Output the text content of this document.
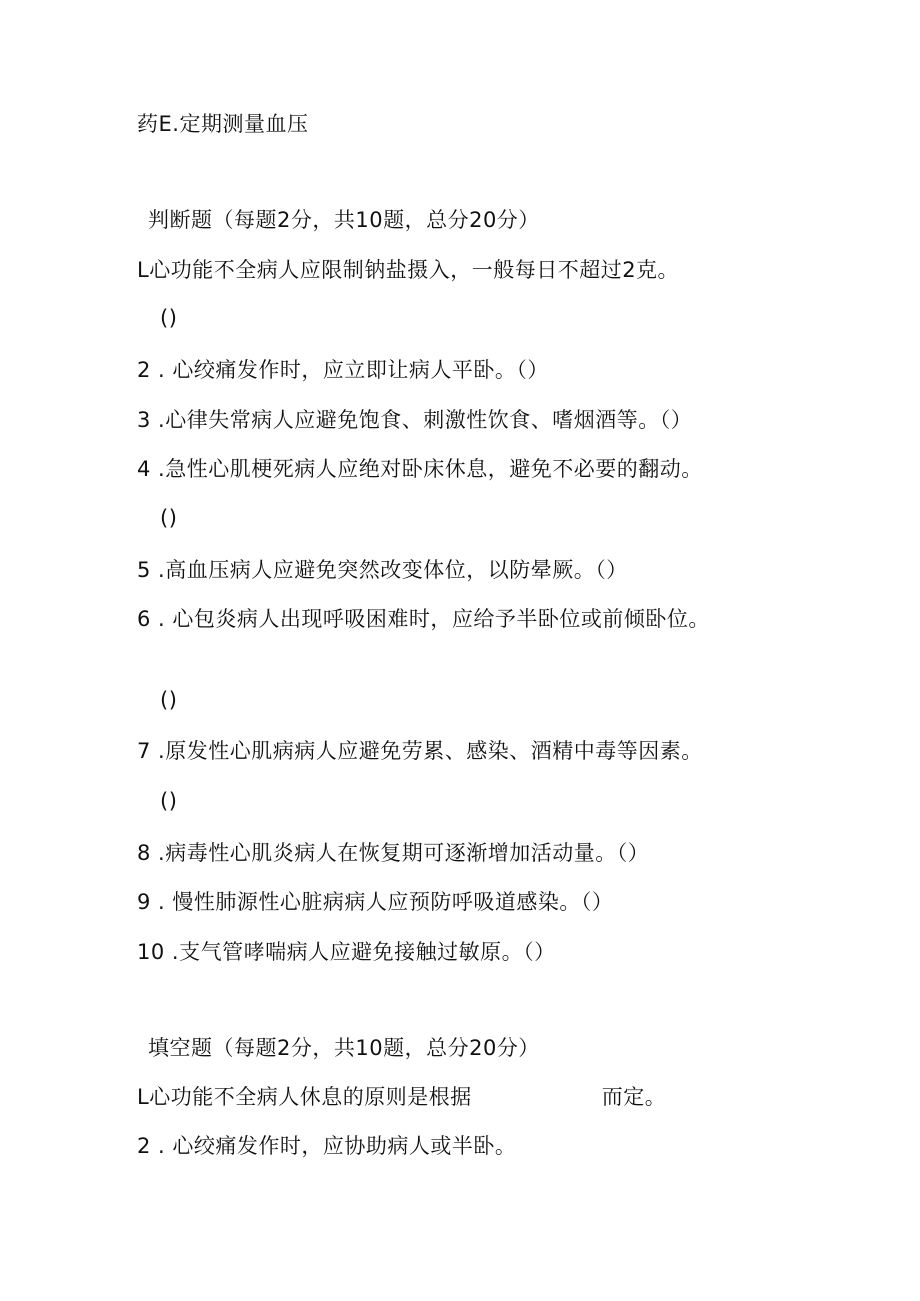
药E.定期测量血压
判断题（每题2分，共10题，总分20分）
L心功能不全病人应限制钠盐摄入，一般每日不超过2克。
()
2 . 心绞痛发作时，应立即让病人平卧。（）
3 .心律失常病人应避免饱食、刺激性饮食、嗜烟酒等。（）
4 .急性心肌梗死病人应绝对卧床休息，避免不必要的翻动。
()
5 .高血压病人应避免突然改变体位，以防晕厥。（）
6 . 心包炎病人出现呼吸困难时，应给予半卧位或前倾卧位。
()
7 .原发性心肌病病人应避免劳累、感染、酒精中毒等因素。
()
8 .病毒性心肌炎病人在恢复期可逐渐增加活动量。（）
9 . 慢性肺源性心脏病病人应预防呼吸道感染。（）
10 .支气管哮喘病人应避免接触过敏原。（）
填空题（每题2分，共10题，总分20分）
L心功能不全病人休息的原则是根据	而定。
2 . 心绞痛发作时，应协助病人或半卧。
